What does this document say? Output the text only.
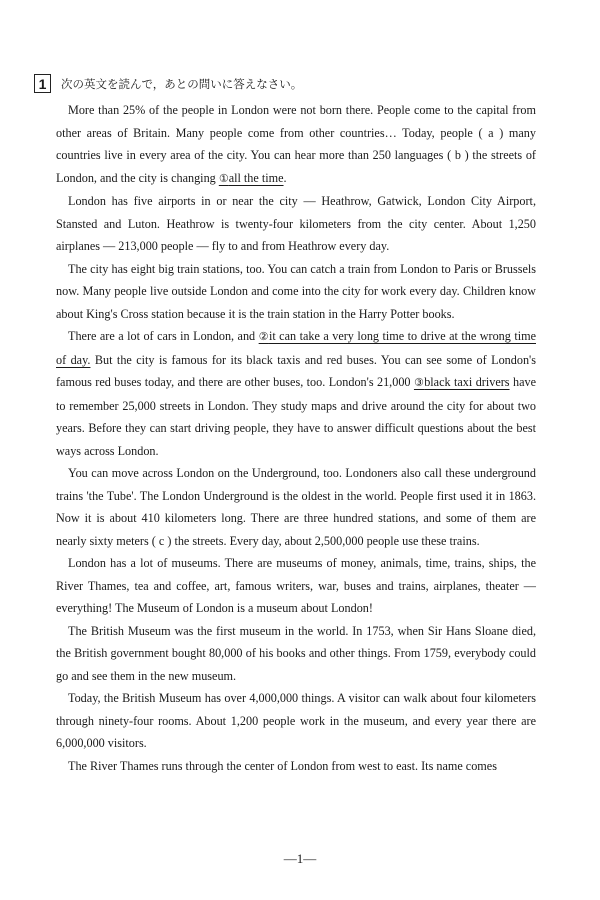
1	次の英文を読んで，あとの問いに答えなさい。

More than 25% of the people in London were not born there. People come to the capital from other areas of Britain. Many people come from other countries… Today, people ( a ) many countries live in every area of the city. You can hear more than 250 languages ( b ) the streets of London, and the city is changing ①all the time.

London has five airports in or near the city — Heathrow, Gatwick, London City Airport, Stansted and Luton. Heathrow is twenty-four kilometers from the city center. About 1,250 airplanes — 213,000 people — fly to and from Heathrow every day.

The city has eight big train stations, too. You can catch a train from London to Paris or Brussels now. Many people live outside London and come into the city for work every day. Children know about King's Cross station because it is the train station in the Harry Potter books.

There are a lot of cars in London, and ②it can take a very long time to drive at the wrong time of day. But the city is famous for its black taxis and red buses. You can see some of London's famous red buses today, and there are other buses, too. London's 21,000 ③black taxi drivers have to remember 25,000 streets in London. They study maps and drive around the city for about two years. Before they can start driving people, they have to answer difficult questions about the best ways across London.

You can move across London on the Underground, too. Londoners also call these underground trains 'the Tube'. The London Underground is the oldest in the world. People first used it in 1863. Now it is about 410 kilometers long. There are three hundred stations, and some of them are nearly sixty meters ( c ) the streets. Every day, about 2,500,000 people use these trains.

London has a lot of museums. There are museums of money, animals, time, trains, ships, the River Thames, tea and coffee, art, famous writers, war, buses and trains, airplanes, theater — everything! The Museum of London is a museum about London!

The British Museum was the first museum in the world. In 1753, when Sir Hans Sloane died, the British government bought 80,000 of his books and other things. From 1759, everybody could go and see them in the new museum.

Today, the British Museum has over 4,000,000 things. A visitor can walk about four kilometers through ninety-four rooms. About 1,200 people work in the museum, and every year there are 6,000,000 visitors.

The River Thames runs through the center of London from west to east. Its name comes

—1—
